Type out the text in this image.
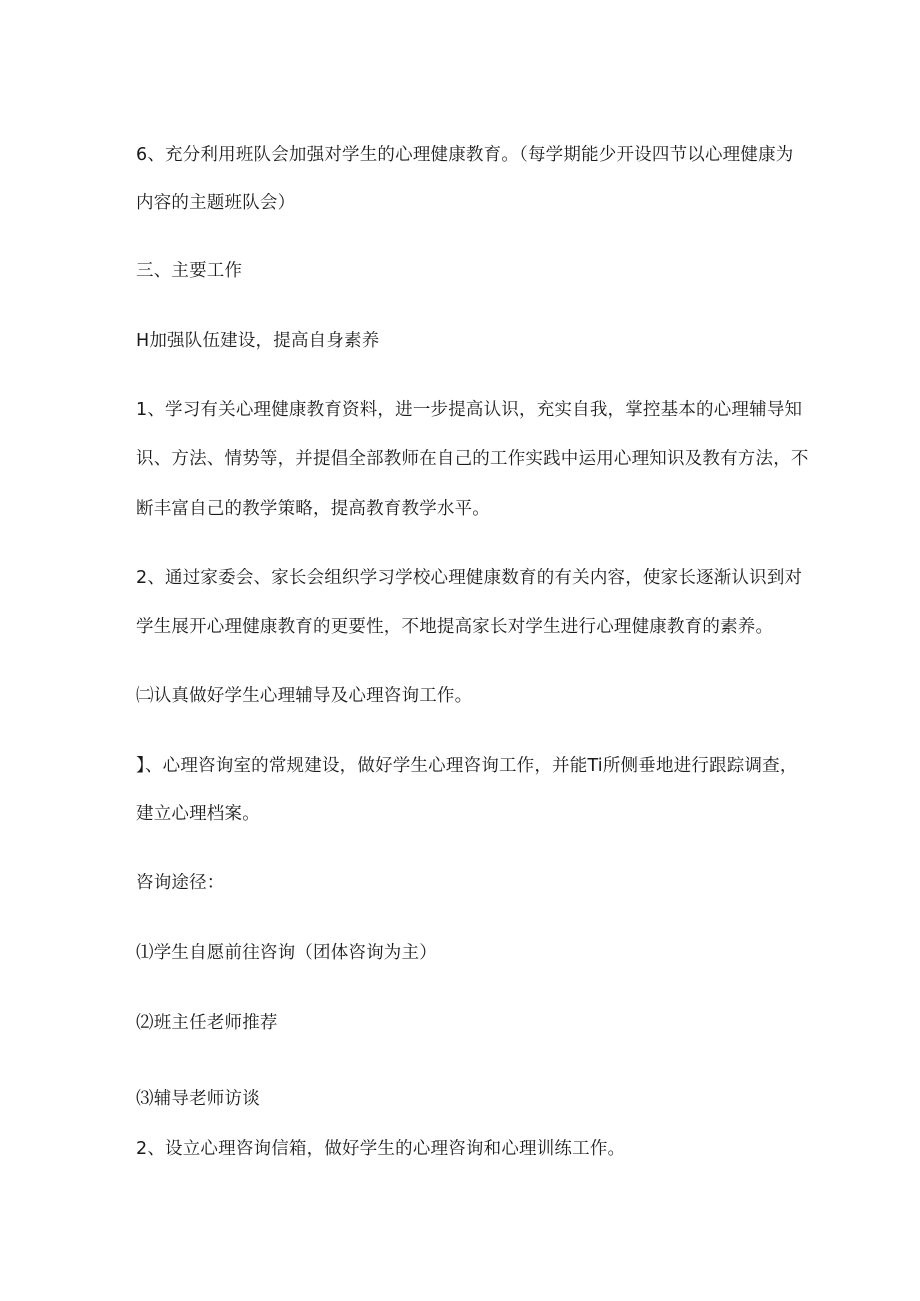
6、充分利用班队会加强对学生的心理健康教育。（每学期能少开设四节以心理健康为
内容的主题班队会）
三、主要工作
H加强队伍建设，提高自身素养
1、学习有关心理健康教育资料，进一步提高认识，充实自我，掌控基本的心理辅导知
识、方法、情势等，并提倡全部教师在自己的工作实践中运用心理知识及教有方法，不
断丰富自己的教学策略，提高教育教学水平。
2、通过家委会、家长会组织学习学校心理健康数育的有关内容，使家长逐渐认识到对
学生展开心理健康教育的更要性，不地提高家长对学生进行心理健康教育的素养。
㈡认真做好学生心理辅导及心理咨询工作。
】、心理咨询室的常规建设，做好学生心理咨询工作，并能Ti所侧垂地进行跟踪调查，
建立心理档案。
咨询途径：
⑴学生自愿前往咨询（团体咨询为主）
⑵班主任老师推荐
⑶辅导老师访谈
2、设立心理咨询信箱，做好学生的心理咨询和心理训练工作。
